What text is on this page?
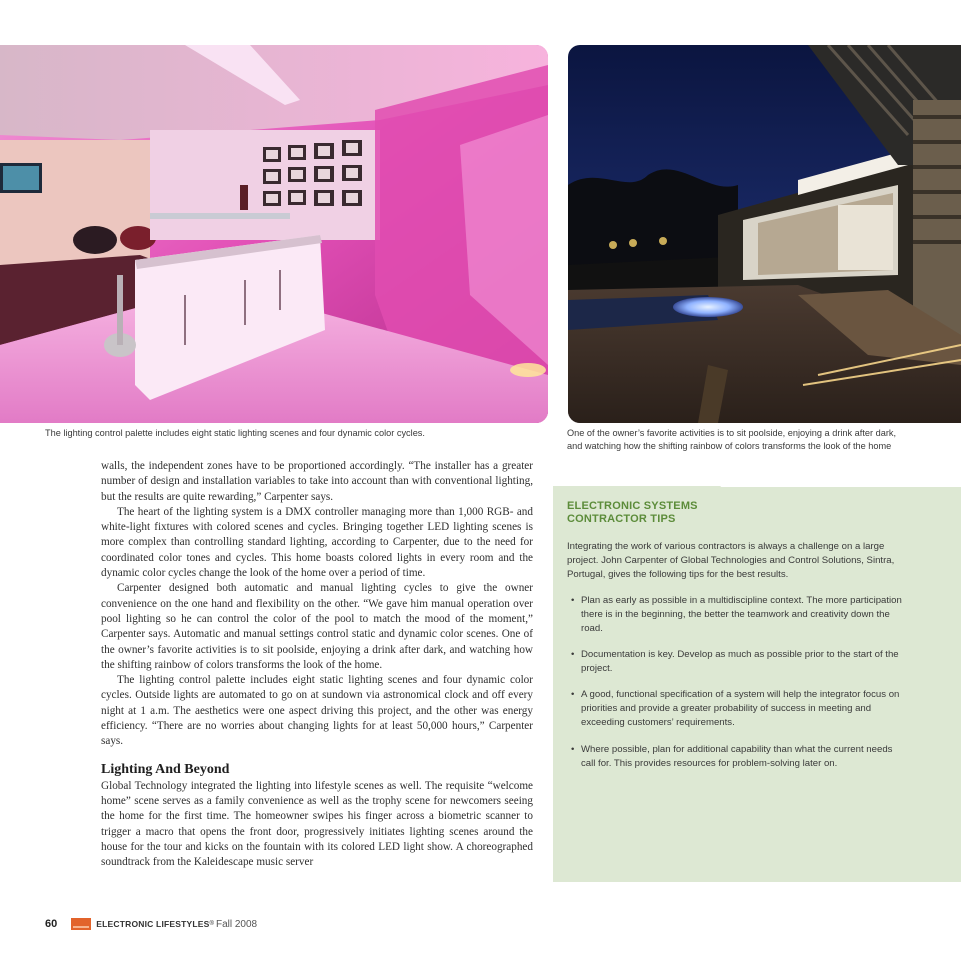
The lighting control palette includes eight static lighting scenes and four dynamic color cycles.	One of the owner’s favorite activities is to sit poolside, enjoying a drink after dark, and watching how the shifting rainbow of colors transforms the look of the home

walls, the independent zones have to be proportioned accordingly. “The installer has a greater number of design and installation variables to take into account than with conventional lighting, but the results are quite rewarding,” Carpenter says.

The heart of the lighting system is a DMX controller managing more than 1,000 RGB- and white-light fixtures with colored scenes and cycles. Bringing together LED lighting scenes is more complex than controlling standard lighting, according to Carpenter, due to the need for coordinated color tones and cycles. This home boasts colored lights in every room and the dynamic color cycles change the look of the home over a period of time.

Carpenter designed both automatic and manual lighting cycles to give the owner convenience on the one hand and flexibility on the other. “We gave him manual operation over pool lighting so he can control the color of the pool to match the mood of the moment,” Carpenter says. Automatic and manual settings control static and dynamic color scenes. One of the owner’s favorite activities is to sit poolside, enjoying a drink after dark, and watching how the shifting rainbow of colors transforms the look of the home.

The lighting control palette includes eight static lighting scenes and four dynamic color cycles. Outside lights are automated to go on at sundown via astronomical clock and off every night at 1 a.m. The aesthetics were one aspect driving this project, and the other was energy efficiency. “There are no worries about changing lights for at least 50,000 hours,” Carpenter says.

Lighting And Beyond

Global Technology integrated the lighting into lifestyle scenes as well. The requisite “welcome home” scene serves as a family convenience as well as the trophy scene for newcomers seeing the home for the first time. The homeowner swipes his finger across a biometric scanner to trigger a macro that opens the front door, progressively initiates lighting scenes around the house for the tour and kicks on the fountain with its colored LED light show. A choreographed soundtrack from the Kaleidescape music server

ELECTRONIC SYSTEMS
CONTRACTOR TIPS
Integrating the work of various contractors is always a challenge on a large project. John Carpenter of Global Technologies and Control Solutions, Sintra, Portugal, gives the following tips for the best results.
• Plan as early as possible in a multidiscipline context. The more participation there is in the beginning, the better the teamwork and creativity down the road.
• Documentation is key. Develop as much as possible prior to the start of the project.
• A good, functional specification of a system will help the integrator focus on priorities and provide a greater probability of success in meeting and exceeding customers’ requirements.
• Where possible, plan for additional capability than what the current needs call for. This provides resources for problem-solving later on.
60	ELECTRONIC LIFESTYLES ® Fall 2008
